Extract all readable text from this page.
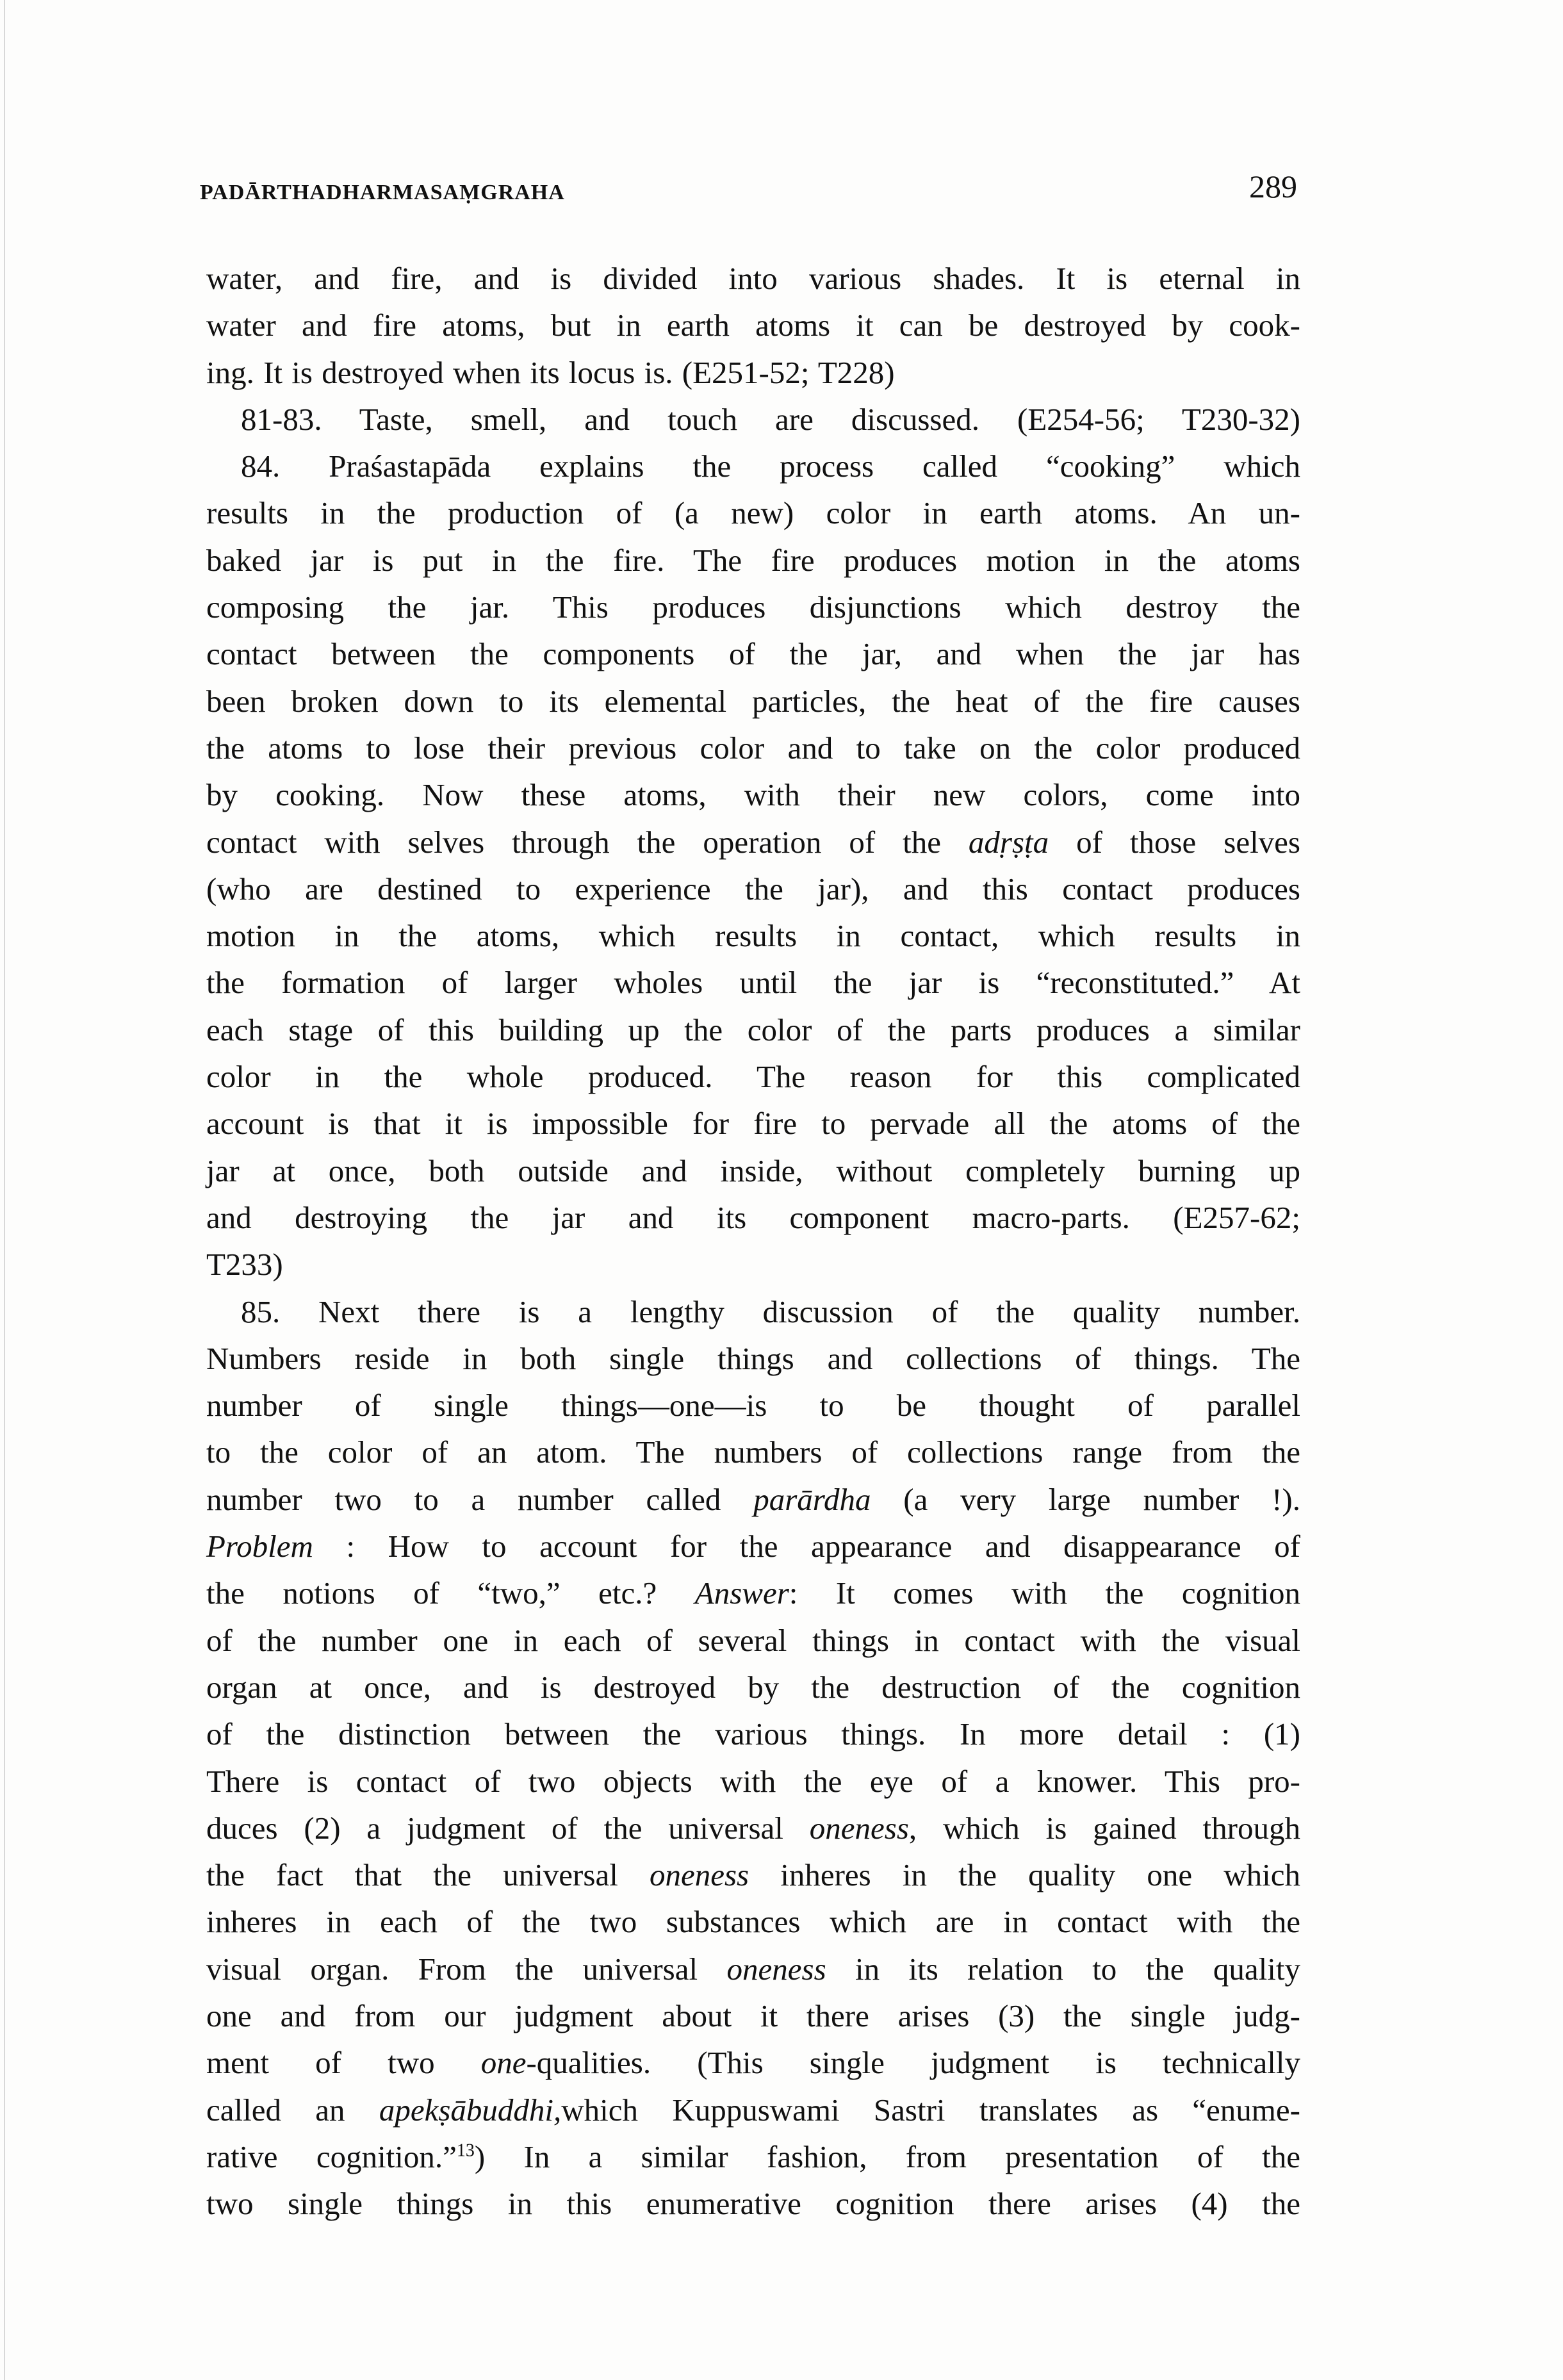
PADĀRTHADHARMASAṂGRAHA	289
water, and fire, and is divided into various shades. It is eternal in
water and fire atoms, but in earth atoms it can be destroyed by cook-
ing. It is destroyed when its locus is. (E251-52; T228)
81-83. Taste, smell, and touch are discussed. (E254-56; T230-32)
84. Praśastapāda explains the process called “cooking” which
results in the production of (a new) color in earth atoms. An un-
baked jar is put in the fire. The fire produces motion in the atoms
composing the jar. This produces disjunctions which destroy the
contact between the components of the jar, and when the jar has
been broken down to its elemental particles, the heat of the fire causes
the atoms to lose their previous color and to take on the color produced
by cooking. Now these atoms, with their new colors, come into
contact with selves through the operation of the adṛṣṭa of those selves
(who are destined to experience the jar), and this contact produces
motion in the atoms, which results in contact, which results in
the formation of larger wholes until the jar is “reconstituted.” At
each stage of this building up the color of the parts produces a similar
color in the whole produced. The reason for this complicated
account is that it is impossible for fire to pervade all the atoms of the
jar at once, both outside and inside, without completely burning up
and destroying the jar and its component macro-parts. (E257-62;
T233)
85. Next there is a lengthy discussion of the quality number.
Numbers reside in both single things and collections of things. The
number of single things—one—is to be thought of parallel
to the color of an atom. The numbers of collections range from the
number two to a number called parārdha (a very large number !).
Problem : How to account for the appearance and disappearance of
the notions of “two,” etc.? Answer: It comes with the cognition
of the number one in each of several things in contact with the visual
organ at once, and is destroyed by the destruction of the cognition
of the distinction between the various things. In more detail : (1)
There is contact of two objects with the eye of a knower. This pro-
duces (2) a judgment of the universal oneness, which is gained through
the fact that the universal oneness inheres in the quality one which
inheres in each of the two substances which are in contact with the
visual organ. From the universal oneness in its relation to the quality
one and from our judgment about it there arises (3) the single judg-
ment of two one-qualities. (This single judgment is technically
called an apekṣābuddhi,which Kuppuswami Sastri translates as “enume-
rative cognition.”$^{13}$) In a similar fashion, from presentation of the
two single things in this enumerative cognition there arises (4) the
